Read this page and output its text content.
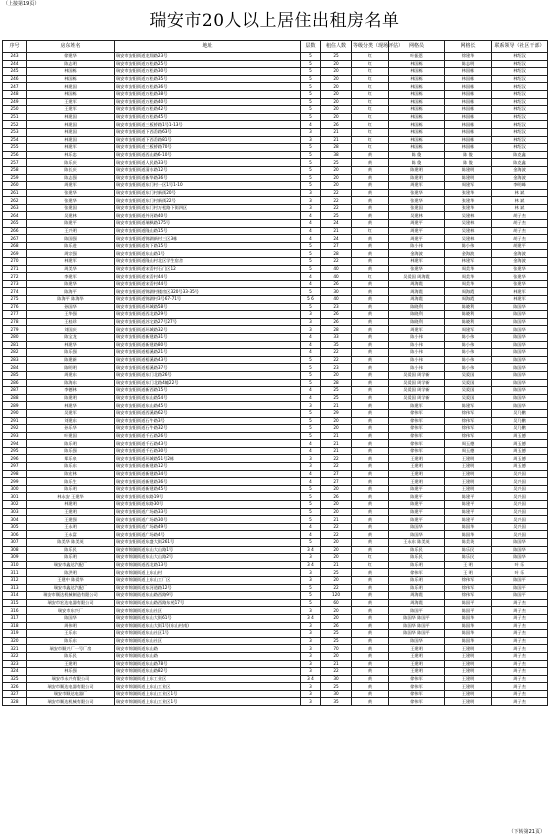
（上接第19页）
瑞安市20人以上居住出租房名单
序号	房东姓名	地址	层数	租住人数	等级分类（现场评估）	网格员	网格长	联系领导（社区干部）
243	徐建华	瑞安市安阳街道龙翔路23号	5	25	红	叶振恩	徐建华	林绍汉
244	陈志明	瑞安市安阳街道万松路25号	5	20	红	林国栋	陈志明	林绍汉
245	林国栋	瑞安市安阳街道万松路30号	5	20	红	林国栋	林国栋	林绍汉
246	林国栋	瑞安市安阳街道万松路35号	5	20	红	林国栋	林国栋	林绍汉
247	林建国	瑞安市安阳街道万松路36号	5	20	红	林国栋	林国栋	林绍汉
248	林国栋	瑞安市安阳街道万松路38号	5	20	红	林国栋	林国栋	林绍汉
249	王建军	瑞安市安阳街道万松路40号	5	20	红	林国栋	林国栋	林绍汉
250	王建军	瑞安市安阳街道万松路42号	5	20	红	林国栋	林国栋	林绍汉
251	林建国	瑞安市安阳街道万松路45号	5	20	红	林国栋	林国栋	林绍汉
252	林建国	瑞安市安阳街道三板桥路1号1-13号	4	26	红	林国栋	林国栋	林绍汉
253	林建国	瑞安市安阳街道下西岙路63号	3	21	红	林国栋	林国栋	林绍汉
254	林建国	瑞安市安阳街道下西岙路81号	3	21	红	林国栋	林国栋	林绍汉
255	林建军	瑞安市安阳街道三板桥路70号	5	28	红	林国栋	林国栋	林绍汉
256	林乐忠	瑞安市安阳街道西山路6-10号	5	38	黄	陈 俊	陈 俊	陈克鑫
257	陈乐庆	瑞安市安阳街道人民路33号	5	25	黄	陈 俊	陈 俊	陈克鑫
258	陈长庆	瑞安市安阳街道清水路12号	5	20	黄	陈建明	陈建明	金海波
259	陈志强	瑞安市安阳街道新华路36号	5	20	黄	陈建明	陈建明	金海波
260	周建军	瑞安市安阳街道东门村一区1号1-10	5	20	黄	周建军	周建军	李明峰
261	张建华	瑞安市安阳街道东门村新街20号	3	22	黄	张建华	张建华	林 斌
262	张建华	瑞安市安阳街道东门村新街22号	3	22	黄	张建华	张建华	林 斌
263	张建国	瑞安市安阳街道东门村万松路下街四区	3	22	黄	张建国	张建华	林 斌
264	吴建林	瑞安市安阳街道外河路40号	4	25	黄	吴建林	吴建林	胡子杰
265	陈建平	瑞安市安阳街道瑞枫路175号	4	24	黄	周建平	吴建林	胡子杰
266	王兴明	瑞安市安阳街道隆山路15号	4	21	红	周建平	吴建林	胡子杰
267	陈国强	瑞安市安阳街道锦湖新村三区3栋	4	24	黄	周建平	吴建林	胡子杰
268	陈乐进	瑞安市安阳街道坊下路15号	5	27	黄	陈小伟	陈小伟	胡建平
269	周宗强	瑞安市安阳街道东山路1号	5	28	黄	金海波	金海波	金海波
270	林建军	瑞安市安阳街道隆山村北区学生宿舍	5	22	黄	林建军	林建军	金海波
271	周美华	瑞安市安阳街道宋岙村石门区12	5	40	黄	张建华	周美华	张建华
272	李建军	瑞安市安阳街道宋岙村44号	4	40	红	吴爱国 周海霞	周美华	张建华
273	陈建华	瑞安市安阳街道宋岙村44号	4	26	黄	周海霞	周美华	张建华
274	陈海平	瑞安市安阳街道锦湖村楼房区320号33-35号	5	30	黄	周海霞	周海霞	林建军
275	陈海平 陈海华	瑞安市安阳街道锦湖村3号67-71号	5 6	40	黄	周海霞	周海霞	林建军
276	孙国华	瑞安市安阳街道环城路58号	5	23	黄	陈晓利	陈晓利	陈国华
277	王华强	瑞安市安阳街道西北路29号	3	26	黄	陈晓利	陈晓利	陈国华
278	王桂珍	瑞安市安阳街道苏宅路27号27号	3	26	黄	陈晓利	陈晓利	陈国华
279	刘国庆	瑞安市安阳街道环城路32号	3	28	黄	周建军	周建军	陈国华
280	陈宝龙	瑞安市安阳街道新建路31号	4	33	黄	陈小伟	陈小伟	陈国华
281	林建华	瑞安市安阳街道新建路80号	4	35	黄	陈小伟	陈小伟	陈国华
282	陈乐强	瑞安市安阳街道梧溪路21号	4	22	黄	陈小伟	陈小伟	陈国华
283	陈建新	瑞安市安阳街道梧溪路43号	5	22	黄	陈小伟	陈小伟	陈国华
284	陈明明	瑞安市安阳街道梧溪路37号	5	23	黄	陈小伟	陈小伟	陈国华
285	周建东	瑞安市安阳街道东门北路26号	5	20	黄	吴爱国 周学新	吴爱国	陈国华
286	陈海东	瑞安市安阳街道东门北路4幢22号	5	28	黄	吴爱国 周学新	吴爱国	陈国华
287	李德林	瑞安市安阳街道新西路15号	4	25	黄	吴爱国 周学新	吴爱国	陈国华
288	陈建明	瑞安市安阳街道东山路54号	4	25	黄	吴爱国 周学新	吴爱国	陈国华
289	林建华	瑞安市安阳街道东山路45号	3	21	黄	陈建军	陈建军	陈国华
290	吴建军	瑞安市安阳街道西溪路62号	5	29	黄	徐伟军	徐伟军	吴乃鹏
291	刘建东	瑞安市安阳街道石牛路3号	5	20	黄	徐伟军	徐伟军	吴乃鹏
292	孙乐华	瑞安市安阳街道石牛路32号	5	20	黄	徐伟军	徐伟军	吴乃鹏
293	叶建国	瑞安市安阳街道千石路26号	5	21	黄	徐伟军	徐伟军	周玉德
294	陈乐明	瑞安市安阳街道千石路43号	4	21	黄	徐伟军	周玉德	周玉德
295	陈乐强	瑞安市安阳街道千石路30号	4	21	黄	徐伟军	周玉德	周玉德
296	郑乐泉	瑞安市安阳街道环城路51号2栋	3	22	黄	王建明	王建明	周玉德
297	陈乐东	瑞安市安阳街道新建路12号	3	22	黄	王建明	王建明	周玉德
298	陈宏林	瑞安市安阳街道新建路34号	4	27	黄	王建明	王建明	吴兴国
299	陈乐生	瑞安市安阳街道新建路36号	4	27	黄	王建明	王建明	吴兴国
300	陈乐明	瑞安市安阳街道新建路45号	5	20	黄	陈建平	王建明	吴兴国
301	林永安 王建华	瑞安市安阳街道东路19号	5	26	黄	陈建平	陈建平	吴兴国
302	林建明	瑞安市安阳街道东路30号	5	20	黄	陈建平	陈建平	吴兴国
303	王建明	瑞安市安阳街道广场路33号	5	20	黄	陈建平	陈建平	吴兴国
304	王建强	瑞安市安阳街道广场路30号	5	21	黄	陈建平	陈建平	吴兴国
305	王永明	瑞安市安阳街道广场路49号	4	22	黄	陈国华	陈国华	吴兴国
306	王永富	瑞安市安阳街道广场路4号	4	22	黄	陈国华	陈国华	吴兴国
307	陈美华 陈美英	瑞安市安阳街道东盛大街261号	5	20	黄	王永东 陈美英	陈美英	陈国华
308	陈乐民	瑞安市锦湖街道东山大山路1号	3 4	20	黄	陈乐民	陈乐民	陈国华
309	陈乐明	瑞安市锦湖街道东山大山路2号	3	20	红	陈乐民	陈乐民	陈国华
310	瑞安市鑫达汽配厂	瑞安市锦湖街道西北路13号	3 4	21	红	陈乐明	王 明	叶 乐
311	陈洪明	瑞安市锦湖街道上东山村	3	25	黄	徐伟军	王 明	叶 乐
312	王建中 陈爱华	瑞安市锦湖街道上东山工厂区	3	20	黄	陈乐明	徐伟军	陈国平
313	瑞安市鑫达汽配厂	瑞安市锦湖街道东河道路12号	5	22	黄	陈乐明	徐伟军	陈国平
314	瑞安市顺达机械制造有限公司	瑞安市锦湖街道东山路西路9号	5	120	黄	周海霞	徐伟军	陈国平
315	瑞安市宏达电器有限公司	瑞安市锦湖街道东山路西路东苑17号	5	60	黄	周海霞	陈国平	周子杰
316	瑞安市东兴厂	瑞安市锦湖街道东山社区	3	20	黄	陈国平	陈国平	周子杰
317	陈国华	瑞安市锦湖街道东山大街61号	3 4	20	黄	陈国华 陈国平	陈国华	周子杰
318	周伟明	瑞安市锦湖街道东山大街1号(东山村南)	3	26	黄	陈国华 陈国平	陈国华	周子杰
319	王乐东	瑞安市锦湖街道东山社区1号	3	25	黄	陈国华 陈国平	陈国华	周子杰
320	陈乐东	瑞安市锦湖街道东山社区	3	25	黄	陈国华	陈国华	周子杰
321	瑞安市顺兴厂一号厂房	瑞安市锦湖街道东山路	3	70	黄	王建明	王建明	周子杰
322	陈乐民	瑞安市锦湖街道东山路	3	20	黄	王建明	王建明	周子杰
323	王建明	瑞安市锦湖街道东山路78号	3	21	黄	王建明	王建明	周子杰
324	林乐强	瑞安市锦湖街道东山路82号	3	22	黄	王建明	王建明	周子杰
325	瑞安市永兴有限公司	瑞安市锦湖街道上东工业区	3 4	30	黄	徐伟军	王建明	周子杰
326	瑞安市顺达电器有限公司	瑞安市锦湖街道上东山工业区	3	25	黄	徐伟军	王建明	周子杰
327	瑞安市顺达电器厂	瑞安市锦湖街道上东山工业区1号	3	30	黄	徐伟军	王建明	周子杰
328	瑞安市顺达机械有限公司	瑞安市锦湖街道上东山工业区1号	3	35	黄	徐伟军	王建明	周子杰
（下转第21页）
